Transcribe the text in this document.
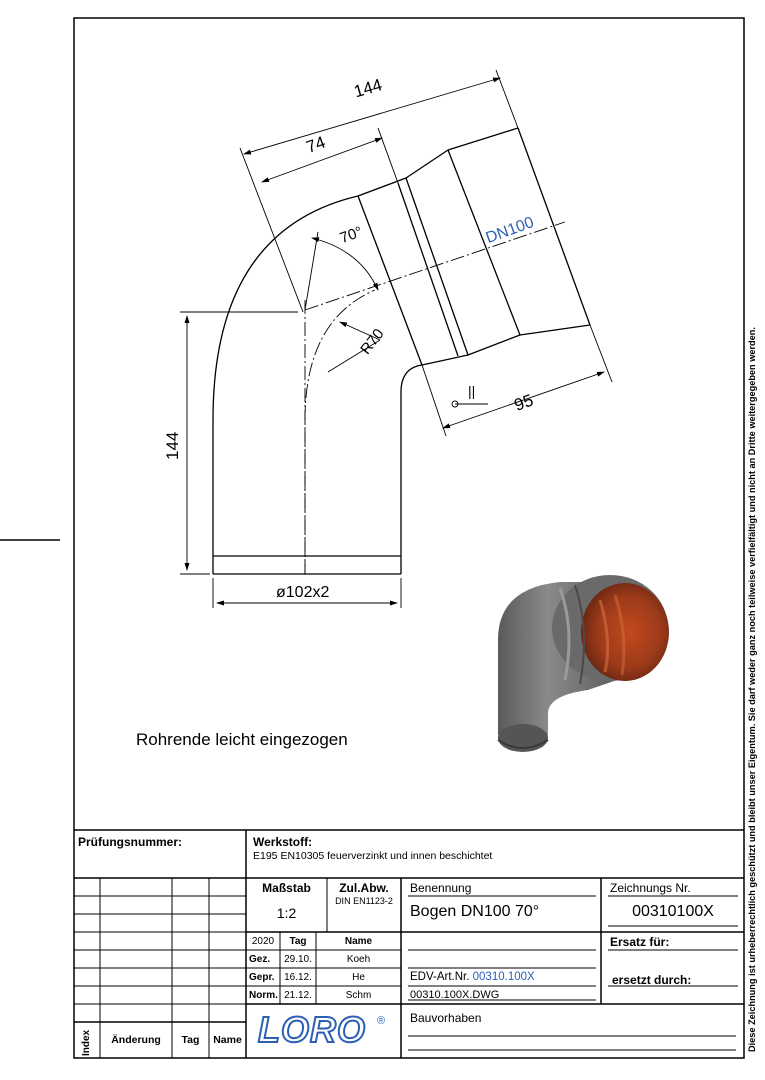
144
74
70°	DN100
R70
95
||
144
ø102x2
Rohrende leicht eingezogen	Diese Zeichnung ist urheberrechtlich geschützt und bleibt unser Eigentum. Sie darf weder ganz noch teilweise verfielfältigt und nicht an Dritte weitergegeben werden.
Prüfungsnummer:	Werkstoff:
E195 EN10305 feuerverzinkt und innen beschichtet
Maßstab
1:2
Zul.Abw.
DIN EN1123-2
Benennung
Bogen DN100 70°
Zeichnungs Nr.
00310100X
Ersatz für:
ersetzt durch:
EDV-Art.Nr. 00310.100X
00310.100X.DWG
Bauvorhaben
2020	Tag	Name
Gez.	29.10.	Koeh
Gepr. 16.12.	He
Norm. 21.12.	Schm
Index	Änderung	Tag	Name LORO ®
